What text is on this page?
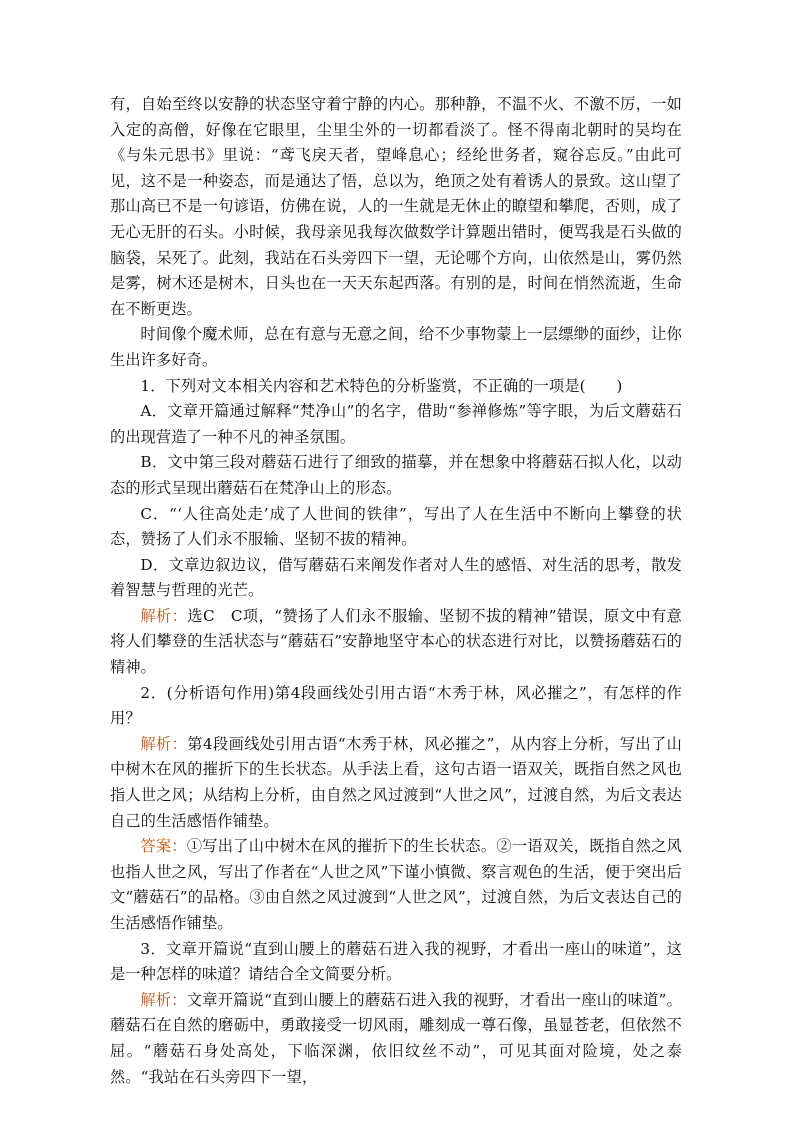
有，自始至终以安静的状态坚守着宁静的内心。那种静，不温不火、不激不厉，一如入定的高僧，好像在它眼里，尘里尘外的一切都看淡了。怪不得南北朝时的吴均在《与朱元思书》里说：“鸢飞戾天者，望峰息心；经纶世务者，窥谷忘反。”由此可见，这不是一种姿态，而是通达了悟，总以为，绝顶之处有着诱人的景致。这山望了那山高已不是一句谚语，仿佛在说，人的一生就是无休止的瞭望和攀爬，否则，成了无心无肝的石头。小时候，我母亲见我每次做数学计算题出错时，便骂我是石头做的脑袋，呆死了。此刻，我站在石头旁四下一望，无论哪个方向，山依然是山，雾仍然是雾，树木还是树木，日头也在一天天东起西落。有别的是，时间在悄然流逝，生命在不断更迭。

时间像个魔术师，总在有意与无意之间，给不少事物蒙上一层缥缈的面纱，让你生出许多好奇。

1．下列对文本相关内容和艺术特色的分析鉴赏，不正确的一项是(　　)

A．文章开篇通过解释“梵净山”的名字，借助“参禅修炼”等字眼，为后文蘑菇石的出现营造了一种不凡的神圣氛围。

B．文中第三段对蘑菇石进行了细致的描摹，并在想象中将蘑菇石拟人化，以动态的形式呈现出蘑菇石在梵净山上的形态。

C．“‘人往高处走’成了人世间的铁律”，写出了人在生活中不断向上攀登的状态，赞扬了人们永不服输、坚韧不拔的精神。

D．文章边叙边议，借写蘑菇石来阐发作者对人生的感悟、对生活的思考，散发着智慧与哲理的光芒。

解析：选C　C项，“赞扬了人们永不服输、坚韧不拔的精神”错误，原文中有意将人们攀登的生活状态与“蘑菇石”安静地坚守本心的状态进行对比，以赞扬蘑菇石的精神。

2．(分析语句作用)第4段画线处引用古语“木秀于林，风必摧之”，有怎样的作用？

解析：第4段画线处引用古语“木秀于林，风必摧之”，从内容上分析，写出了山中树木在风的摧折下的生长状态。从手法上看，这句古语一语双关，既指自然之风也指人世之风；从结构上分析，由自然之风过渡到“人世之风”，过渡自然，为后文表达自己的生活感悟作铺垫。

答案：①写出了山中树木在风的摧折下的生长状态。②一语双关，既指自然之风也指人世之风，写出了作者在“人世之风”下谨小慎微、察言观色的生活，便于突出后文“蘑菇石”的品格。③由自然之风过渡到“人世之风”，过渡自然，为后文表达自己的生活感悟作铺垫。

3．文章开篇说“直到山腰上的蘑菇石进入我的视野，才看出一座山的味道”，这是一种怎样的味道？请结合全文简要分析。

解析：文章开篇说“直到山腰上的蘑菇石进入我的视野，才看出一座山的味道”。蘑菇石在自然的磨砺中，勇敢接受一切风雨，雕刻成一尊石像，虽显苍老，但依然不屈。“蘑菇石身处高处，下临深渊，依旧纹丝不动”，可见其面对险境，处之泰然。“我站在石头旁四下一望，
